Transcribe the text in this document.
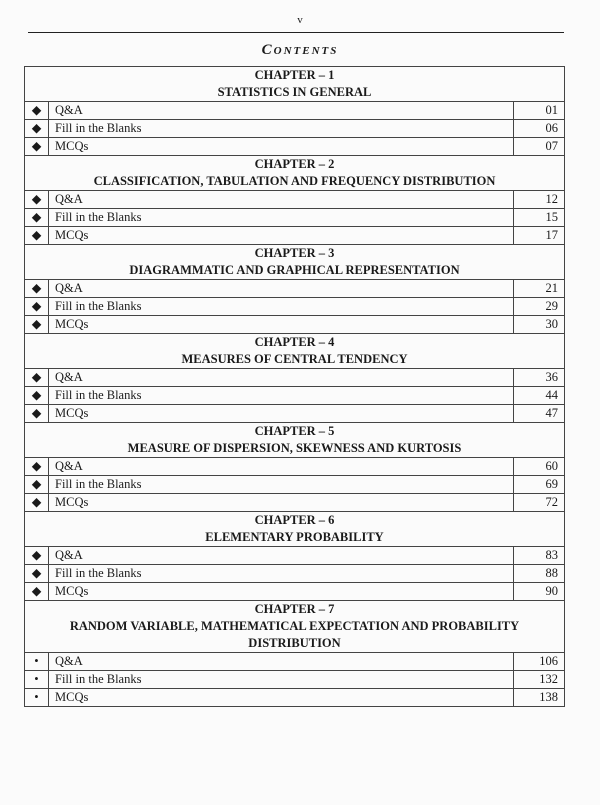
v
CONTENTS
CHAPTER – 1
STATISTICS IN GENERAL		

◆	Q&A	01
◆	Fill in the Blanks	06
◆	MCQs	07

CHAPTER – 2
CLASSIFICATION, TABULATION AND FREQUENCY DISTRIBUTION		

◆	Q&A	12
◆	Fill in the Blanks	15
◆	MCQs	17

CHAPTER – 3
DIAGRAMMATIC AND GRAPHICAL REPRESENTATION		

◆	Q&A	21
◆	Fill in the Blanks	29
◆	MCQs	30

CHAPTER – 4
MEASURES OF CENTRAL TENDENCY		

◆	Q&A	36
◆	Fill in the Blanks	44
◆	MCQs	47

CHAPTER – 5
MEASURE OF DISPERSION, SKEWNESS AND KURTOSIS		

◆	Q&A	60
◆	Fill in the Blanks	69
◆	MCQs	72

CHAPTER – 6
ELEMENTARY PROBABILITY		

◆	Q&A	83
◆	Fill in the Blanks	88
◆	MCQs	90

CHAPTER – 7
RANDOM VARIABLE, MATHEMATICAL EXPECTATION AND PROBABILITY DISTRIBUTION		

•	Q&A	106
•	Fill in the Blanks	132
•	MCQs	138
